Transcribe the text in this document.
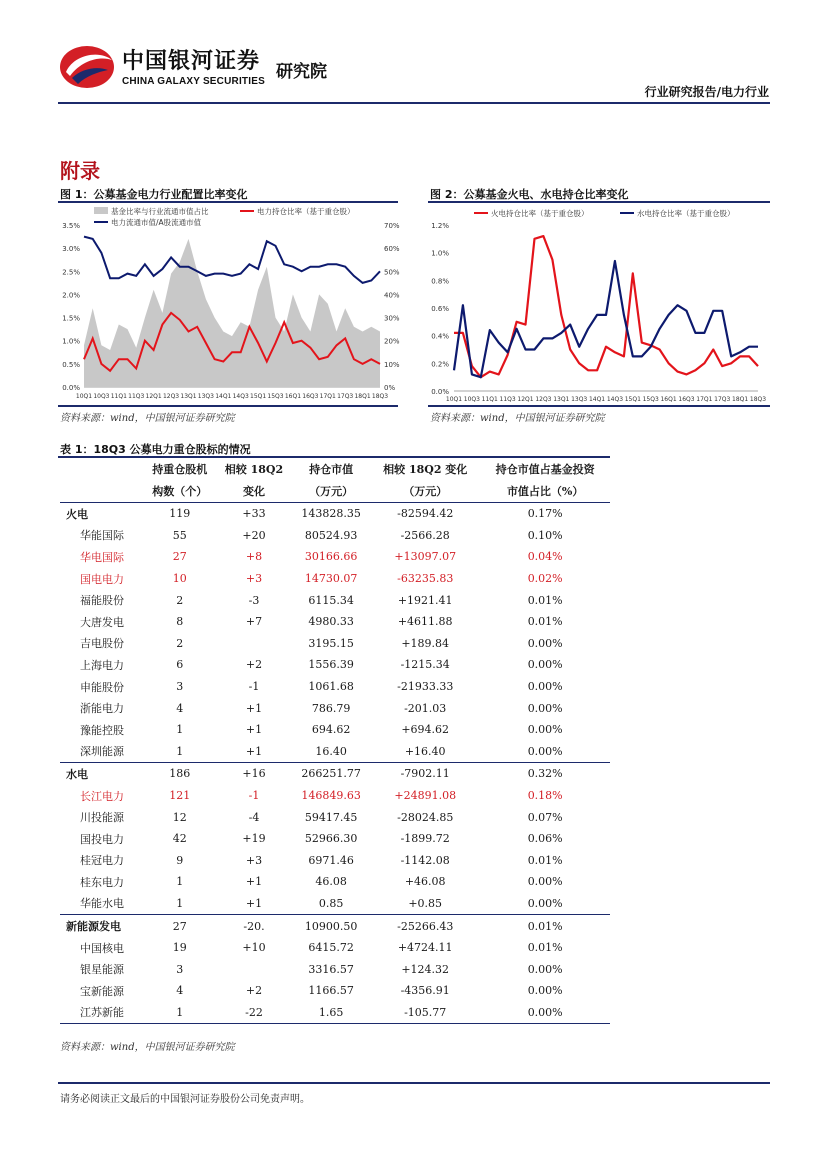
中国银河证券
CHINA GALAXY SECURITIES 研究院
行业研究报告/电力行业
附录
图 1：公募基金电力行业配置比率变化
0.0%
0.5%
1.0%
1.5%
2.0%
2.5%
3.0%
3.5%
0%
10%
20%
30%
40%
50%
60%
70%
10Q1 10Q3 11Q1 11Q3 12Q1 12Q3 13Q1 13Q3 14Q1 14Q3 15Q1 15Q3 16Q1 16Q3 17Q1 17Q3 18Q1 18Q3
基金比率与行业流通市值占比	电力持仓比率（基于重仓股）
电力流通市值/A股流通市值
资料来源：wind，中国银河证券研究院
图 2：公募基金火电、水电持仓比率变化
0.0%
0.2%
0.4%
0.6%
0.8%
1.0%
1.2%
10Q1 10Q3 11Q1 11Q3 12Q1 12Q3 13Q1 13Q3 14Q1 14Q3 15Q1 15Q3 16Q1 16Q3 17Q1 17Q3 18Q1 18Q3
火电持仓比率（基于重仓股）	水电持仓比率（基于重仓股）
资料来源：wind，中国银河证券研究院
表 1：18Q3 公募电力重仓股标的情况
	持重仓股机	相较 18Q2	持仓市值	相较 18Q2 变化	持仓市值占基金投资
	构数（个）	变化	（万元）	（万元）	市值占比（%）
火电	119	+33	143828.35	-82594.42	0.17%
华能国际	55	+20	80524.93	-2566.28	0.10%
华电国际	27	+8	30166.66	+13097.07	0.04%
国电电力	10	+3	14730.07	-63235.83	0.02%
福能股份	2	-3	6115.34	+1921.41	0.01%
大唐发电	8	+7	4980.33	+4611.88	0.01%
吉电股份	2		3195.15	+189.84	0.00%
上海电力	6	+2	1556.39	-1215.34	0.00%
申能股份	3	-1	1061.68	-21933.33	0.00%
浙能电力	4	+1	786.79	-201.03	0.00%
豫能控股	1	+1	694.62	+694.62	0.00%
深圳能源	1	+1	16.40	+16.40	0.00%
水电	186	+16	266251.77	-7902.11	0.32%
长江电力	121	-1	146849.63	+24891.08	0.18%
川投能源	12	-4	59417.45	-28024.85	0.07%
国投电力	42	+19	52966.30	-1899.72	0.06%
桂冠电力	9	+3	6971.46	-1142.08	0.01%
桂东电力	1	+1	46.08	+46.08	0.00%
华能水电	1	+1	0.85	+0.85	0.00%
新能源发电	27	-20.	10900.50	-25266.43	0.01%
中国核电	19	+10	6415.72	+4724.11	0.01%
银星能源	3		3316.57	+124.32	0.00%
宝新能源	4	+2	1166.57	-4356.91	0.00%
江苏新能	1	-22	1.65	-105.77	0.00%
资料来源：wind，中国银河证券研究院
请务必阅读正文最后的中国银河证券股份公司免责声明。
